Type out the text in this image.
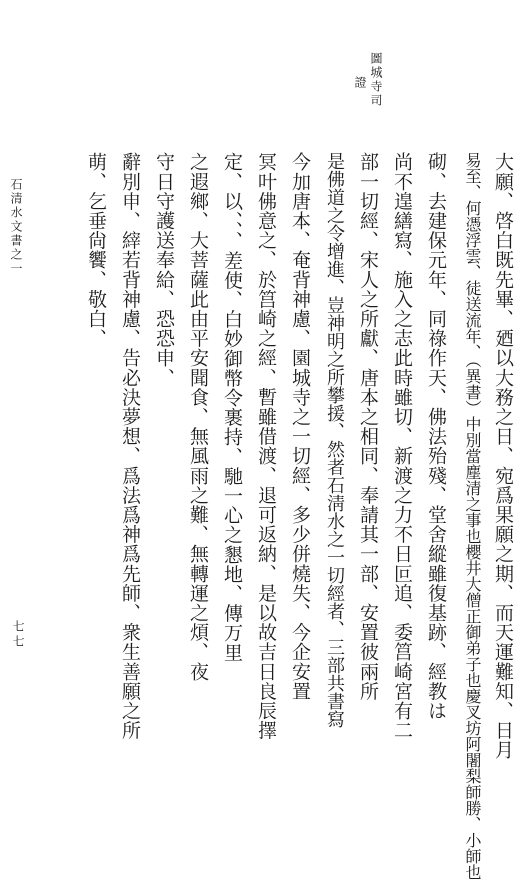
圖城寺司
證
石清水文書之一
七七	大願、啓白既先畢、廼以大務之日、宛爲果願之期、而天運難知、日月
易至、何憑浮雲、徒送流年、（異書）中別當塵清之事也櫻井大僧正御弟子也慶叉坊阿闍梨師勝、小師也
砌、去建保元年、同祿作天、佛法殆殘、堂舍縱雖復基跡、經教は
尚不遑繕寫、施入之志此時雖切、新渡之力不日叵追、委筥崎宮有二
部一切經、宋人之所獻、唐本之相同、奉請其一部、安置彼兩所
是佛道之令增進、豈神明之所攀援、然者石淸水之一切經者、三部共書寫
今加唐本、奄背神慮、園城寺之一切經、多少併燒失、今企安置
冥叶佛意之、於筥崎之經、暫雖借渡、退可返納、是以故吉日良辰擇
定、以、、、差使、白妙御幣令裹持、馳一心之懇地、傳万里
之遐鄉、大菩薩此由平安聞食、無風雨之難、無轉運之煩、夜
守日守護送奉給、恐恐申、
辭別申、縡若背神慮、告必決夢想、爲法爲神爲先師、衆生善願之所
萌、乞垂尙饗、敬白、
